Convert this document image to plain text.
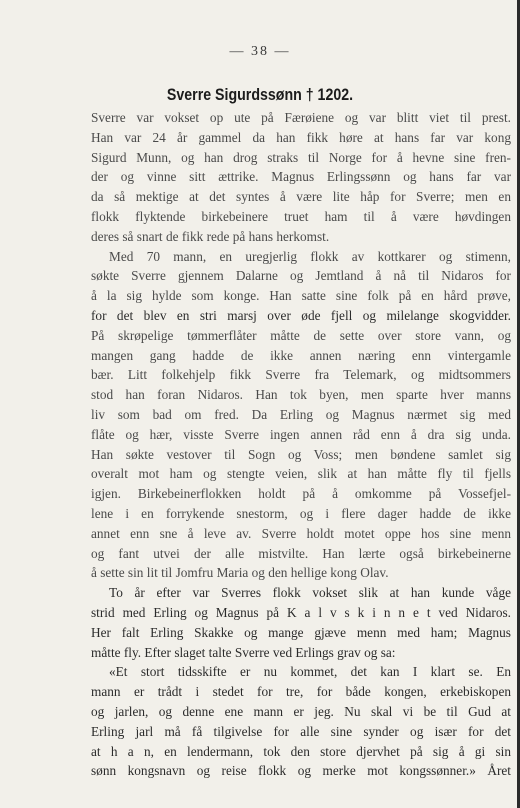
— 38 —
Sverre Sigurdssønn † 1202.
Sverre var vokset op ute på Færøiene og var blitt viet til prest.
Han var 24 år gammel da han fikk høre at hans far var kong
Sigurd Munn, og han drog straks til Norge for å hevne sine fren-
der og vinne sitt ættrike. Magnus Erlingssønn og hans far var
da så mektige at det syntes å være lite håp for Sverre; men en
flokk flyktende birkebeinere truet ham til å være høvdingen
deres så snart de fikk rede på hans herkomst.
Med 70 mann, en uregjerlig flokk av kottkarer og stimenn,
søkte Sverre gjennem Dalarne og Jemtland å nå til Nidaros for
å la sig hylde som konge. Han satte sine folk på en hård prøve,
for det blev en stri marsj over øde fjell og milelange skogvidder.
På skrøpelige tømmerflåter måtte de sette over store vann, og
mangen gang hadde de ikke annen næring enn vintergamle
bær. Litt folkehjelp fikk Sverre fra Telemark, og midtsommers
stod han foran Nidaros. Han tok byen, men sparte hver manns
liv som bad om fred. Da Erling og Magnus nærmet sig med
flåte og hær, visste Sverre ingen annen råd enn å dra sig unda.
Han søkte vestover til Sogn og Voss; men bøndene samlet sig
overalt mot ham og stengte veien, slik at han måtte fly til fjells
igjen. Birkebeinerflokken holdt på å omkomme på Vossefjel-
lene i en forrykende snestorm, og i flere dager hadde de ikke
annet enn sne å leve av. Sverre holdt motet oppe hos sine menn
og fant utvei der alle mistvilte. Han lærte også birkebeinerne
å sette sin lit til Jomfru Maria og den hellige kong Olav.
To år efter var Sverres flokk vokset slik at han kunde våge
strid med Erling og Magnus på K a l v s k i n n e t ved Nidaros.
Her falt Erling Skakke og mange gjæve menn med ham; Magnus
måtte fly. Efter slaget talte Sverre ved Erlings grav og sa:
«Et stort tidsskifte er nu kommet, det kan I klart se. En
mann er trådt i stedet for tre, for både kongen, erkebiskopen
og jarlen, og denne ene mann er jeg. Nu skal vi be til Gud at
Erling jarl må få tilgivelse for alle sine synder og især for det
at h a n, en lendermann, tok den store djervhet på sig å gi sin
sønn kongsnavn og reise flokk og merke mot kongssønner.» Året
